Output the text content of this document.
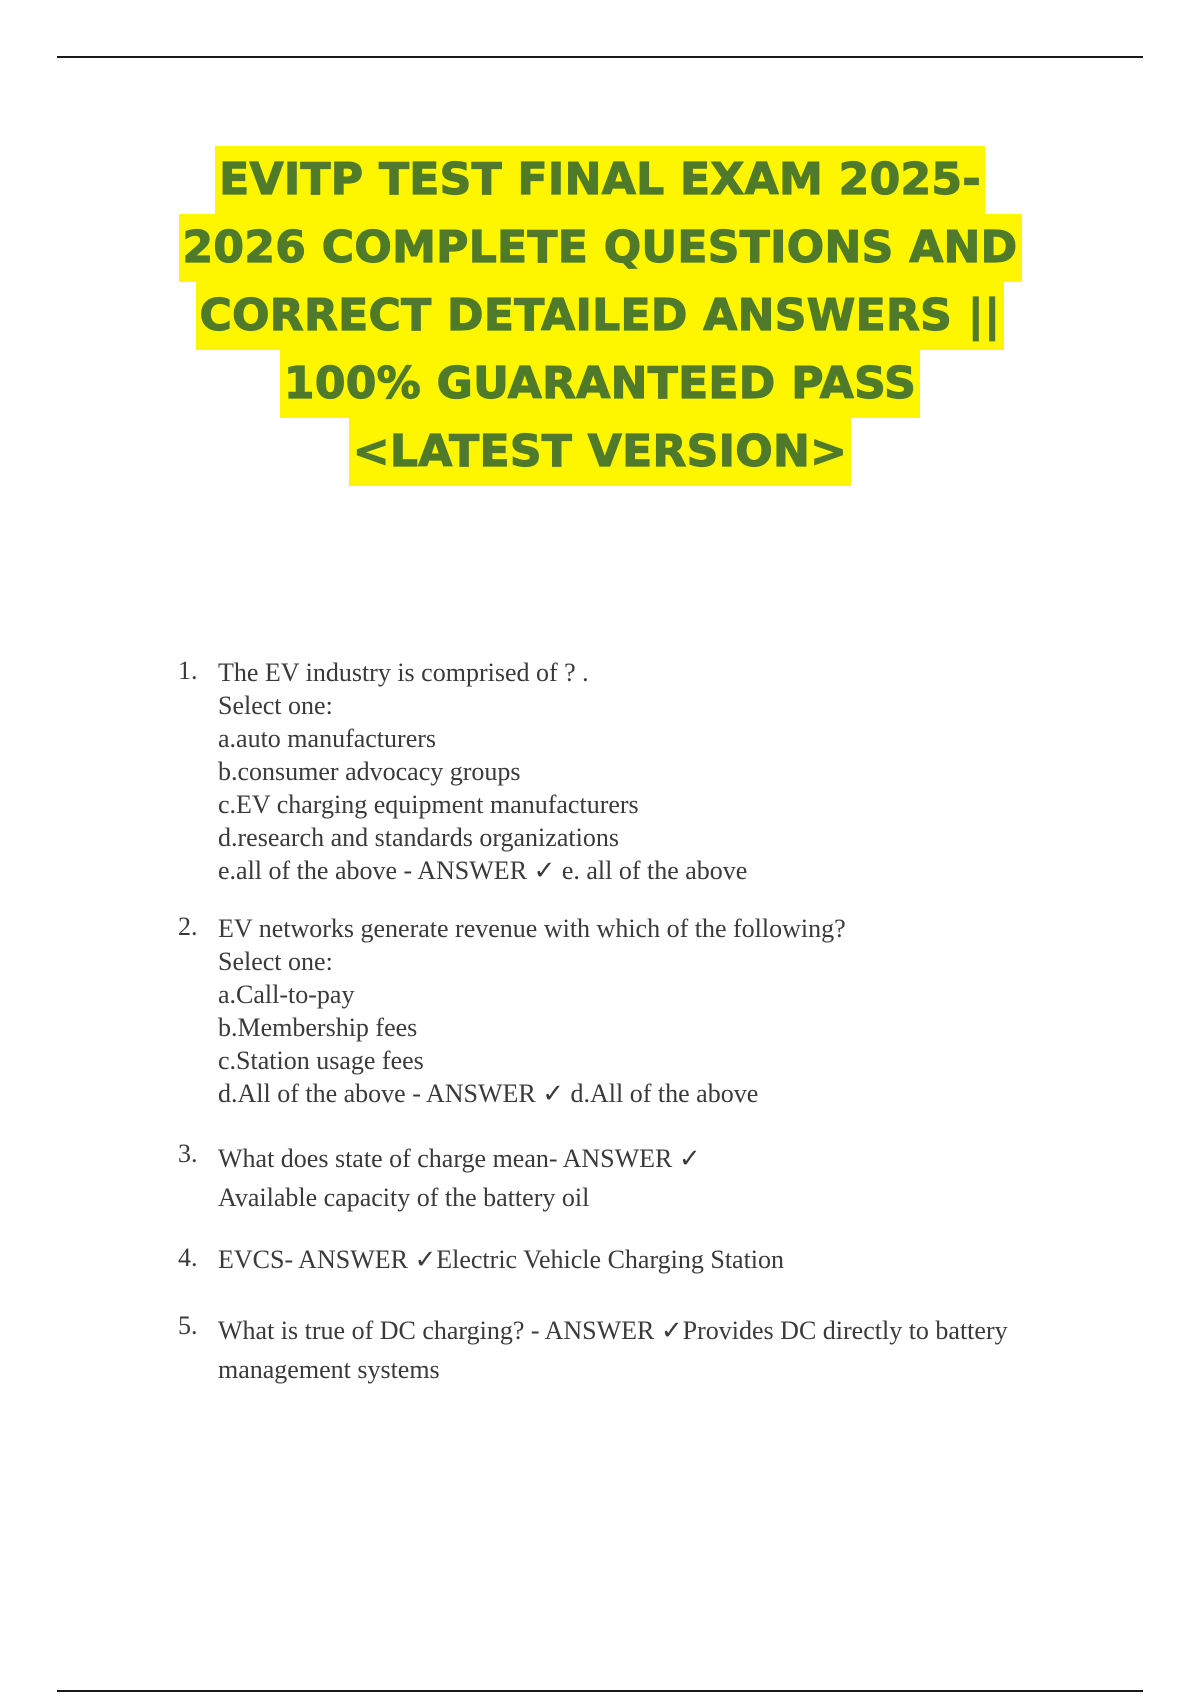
EVITP TEST FINAL EXAM 2025-
2026 COMPLETE QUESTIONS AND
CORRECT DETAILED ANSWERS ||
100% GUARANTEED PASS
<LATEST VERSION>
1. The EV industry is comprised of ? .
Select one:
a.auto manufacturers
b.consumer advocacy groups
c.EV charging equipment manufacturers
d.research and standards organizations
e.all of the above - ANSWER ✓ e. all of the above
2. EV networks generate revenue with which of the following?
Select one:
a.Call-to-pay
b.Membership fees
c.Station usage fees
d.All of the above - ANSWER ✓ d.All of the above
3. What does state of charge mean- ANSWER ✓
Available capacity of the battery oil
4. EVCS- ANSWER ✓Electric Vehicle Charging Station
5. What is true of DC charging? - ANSWER ✓Provides DC directly to battery
management systems
